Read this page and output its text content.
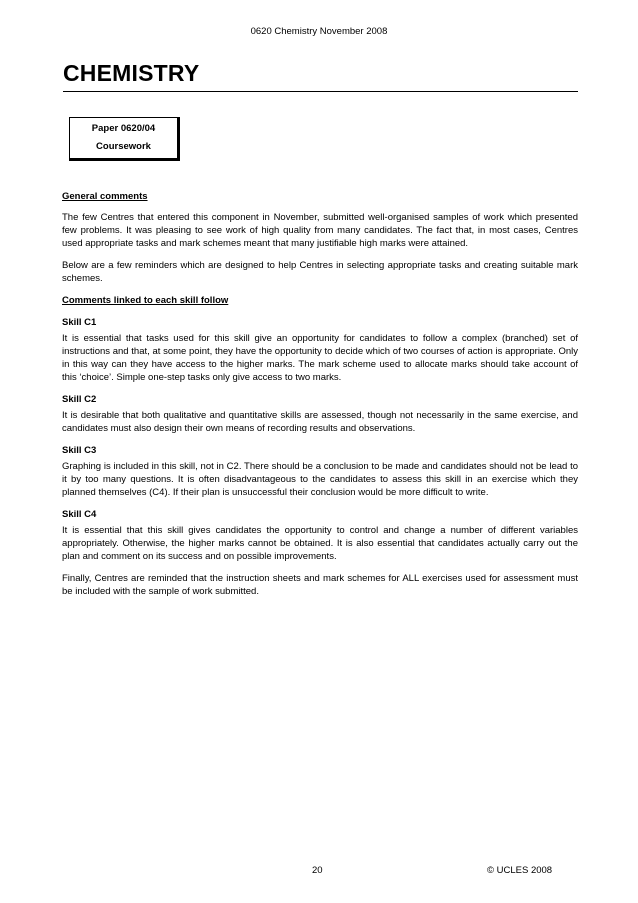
0620 Chemistry November 2008
CHEMISTRY
Paper 0620/04
Coursework

General comments

The few Centres that entered this component in November, submitted well-organised samples of work which presented few problems. It was pleasing to see work of high quality from many candidates. The fact that, in most cases, Centres used appropriate tasks and mark schemes meant that many justifiable high marks were attained.

Below are a few reminders which are designed to help Centres in selecting appropriate tasks and creating suitable mark schemes.

Comments linked to each skill follow

Skill C1

It is essential that tasks used for this skill give an opportunity for candidates to follow a complex (branched) set of instructions and that, at some point, they have the opportunity to decide which of two courses of action is appropriate. Only in this way can they have access to the higher marks. The mark scheme used to allocate marks should take account of this ‘choice’. Simple one-step tasks only give access to two marks.

Skill C2

It is desirable that both qualitative and quantitative skills are assessed, though not necessarily in the same exercise, and candidates must also design their own means of recording results and observations.

Skill C3

Graphing is included in this skill, not in C2. There should be a conclusion to be made and candidates should not be lead to it by too many questions. It is often disadvantageous to the candidates to assess this skill in an exercise which they planned themselves (C4). If their plan is unsuccessful their conclusion would be more difficult to write.

Skill C4

It is essential that this skill gives candidates the opportunity to control and change a number of different variables appropriately. Otherwise, the higher marks cannot be obtained. It is also essential that candidates actually carry out the plan and comment on its success and on possible improvements.

Finally, Centres are reminded that the instruction sheets and mark schemes for ALL exercises used for assessment must be included with the sample of work submitted.

20	© UCLES 2008
